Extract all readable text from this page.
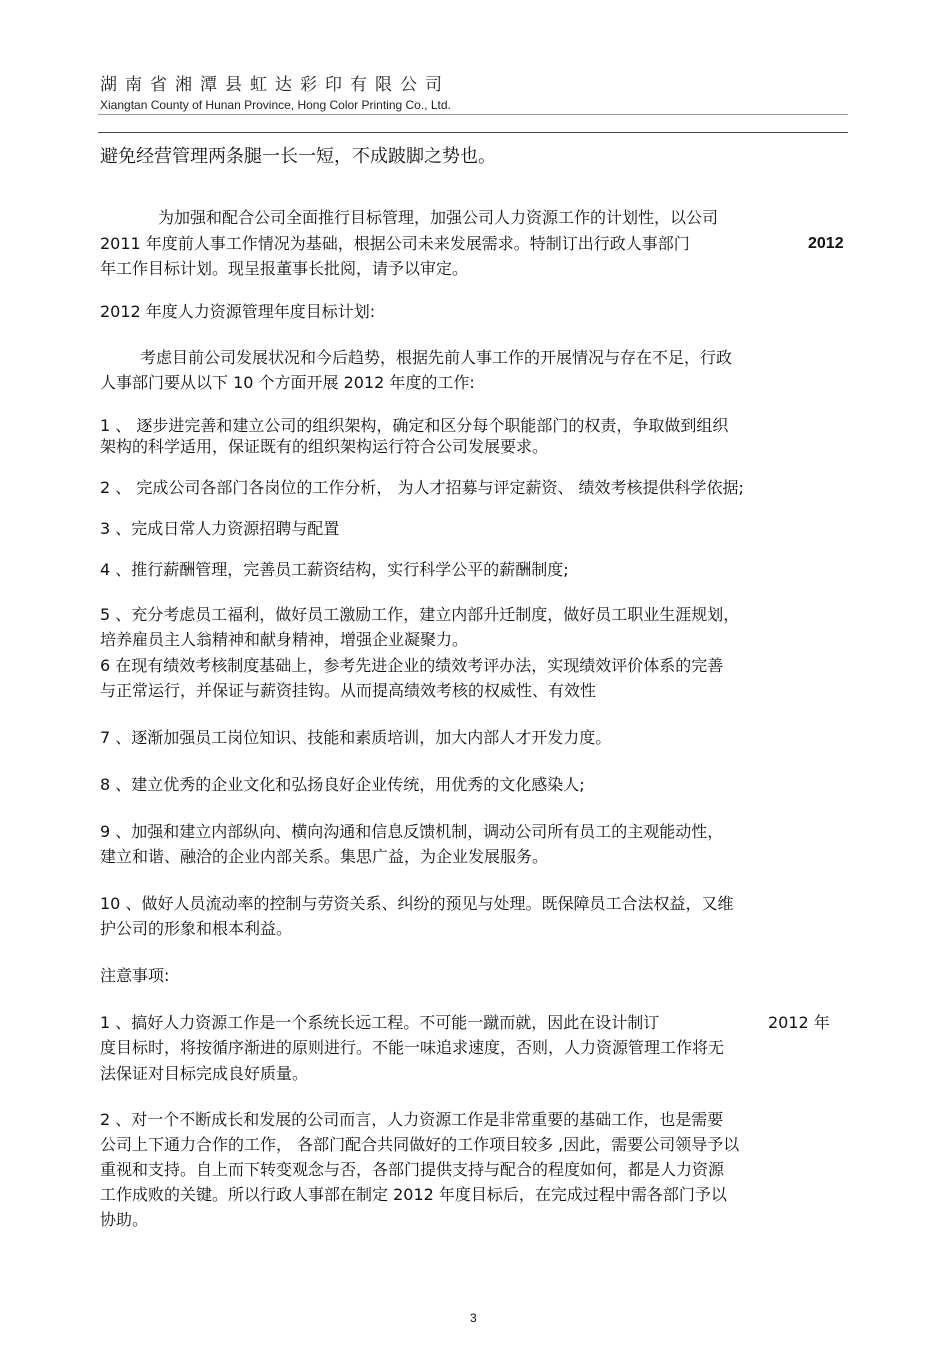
湖南省湘潭县虹达彩印有限公司
Xiangtan County of Hunan Province, Hong Color Printing Co., Ltd.
避免经营管理两条腿一长一短，不成跛脚之势也。
为加强和配合公司全面推行目标管理，加强公司人力资源工作的计划性，以公司
2011 年度前人事工作情况为基础，根据公司未来发展需求。特制订出行政人事部门	2012
年工作目标计划。现呈报董事长批阅，请予以审定。
2012 年度人力资源管理年度目标计划:
考虑目前公司发展状况和今后趋势，根据先前人事工作的开展情况与存在不足，行政
人事部门要从以下 10 个方面开展 2012 年度的工作:
1 、 逐步进完善和建立公司的组织架构，确定和区分每个职能部门的权责，争取做到组织
架构的科学适用，保证既有的组织架构运行符合公司发展要求。
2 、 完成公司各部门各岗位的工作分析， 为人才招募与评定薪资、 绩效考核提供科学依据;
3 、完成日常人力资源招聘与配置
4 、推行薪酬管理，完善员工薪资结构，实行科学公平的薪酬制度;
5 、充分考虑员工福利，做好员工激励工作，建立内部升迁制度，做好员工职业生涯规划，
培养雇员主人翁精神和献身精神，增强企业凝聚力。
6 在现有绩效考核制度基础上，参考先进企业的绩效考评办法，实现绩效评价体系的完善
与正常运行，并保证与薪资挂钩。从而提高绩效考核的权威性、有效性
7 、逐渐加强员工岗位知识、技能和素质培训，加大内部人才开发力度。
8 、建立优秀的企业文化和弘扬良好企业传统，用优秀的文化感染人;
9 、加强和建立内部纵向、横向沟通和信息反馈机制，调动公司所有员工的主观能动性，
建立和谐、融洽的企业内部关系。集思广益，为企业发展服务。
10 、做好人员流动率的控制与劳资关系、纠纷的预见与处理。既保障员工合法权益，又维
护公司的形象和根本利益。
注意事项:
1 、搞好人力资源工作是一个系统长远工程。不可能一蹴而就，因此在设计制订	2012 年
度目标时，将按循序渐进的原则进行。不能一味追求速度，否则，人力资源管理工作将无
法保证对目标完成良好质量。
2 、对一个不断成长和发展的公司而言，人力资源工作是非常重要的基础工作，也是需要
公司上下通力合作的工作， 各部门配合共同做好的工作项目较多 ,因此，需要公司领导予以
重视和支持。自上而下转变观念与否，各部门提供支持与配合的程度如何，都是人力资源
工作成败的关键。所以行政人事部在制定 2012 年度目标后，在完成过程中需各部门予以
协助。
3
